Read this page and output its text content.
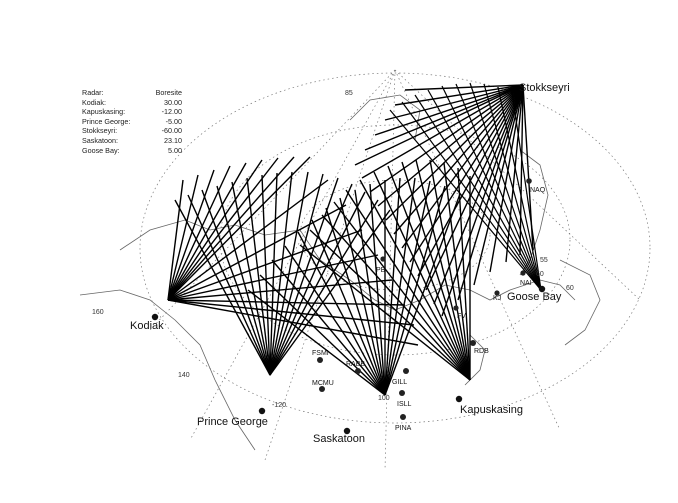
85
55
60
160
140
-120
100
60
NAQ
NAI
KJ
FSMI
MCMU
RABB
GILL
ISLL
PINA
RDB
FV
PB
Stokkseyri
Kodiak
Prince George
Saskatoon
Kapuskasing
Goose Bay
Radar:	Boresite
Kodiak:	30.00
Kapuskasing:	-12.00
Prince George:	-5.00
Stokkseyri:	-60.00
Saskatoon:	23.10
Goose Bay:	5.00
